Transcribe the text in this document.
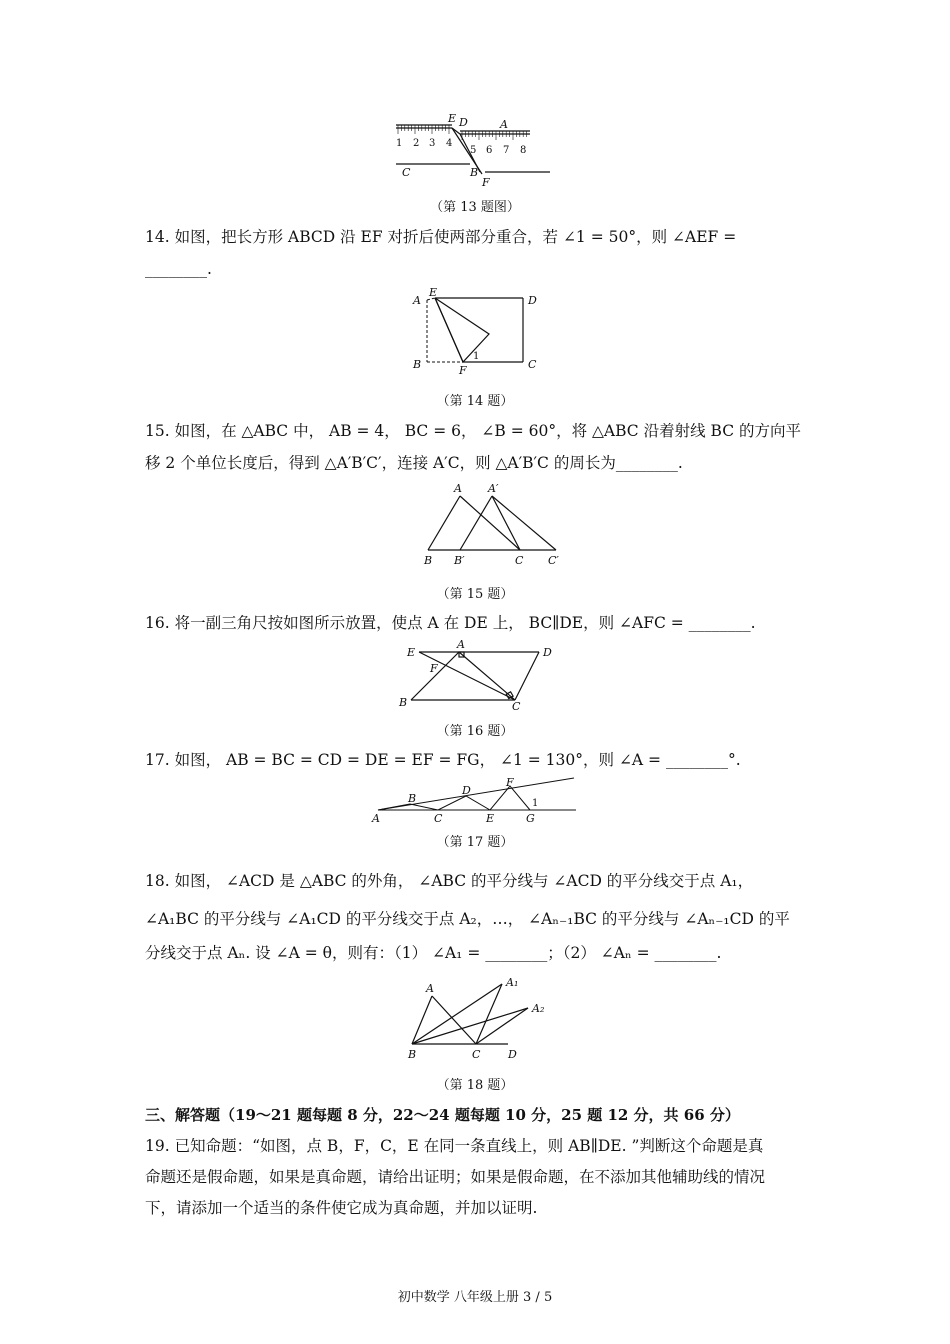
1 2 3 4
5 6 7 8
E D	A
C	B
F
（第 13 题图）
14. 如图，把长方形 ABCD 沿 EF 对折后使两部分重合，若 ∠1 = 50°，则 ∠AEF =
________.
A
E
D
B	F	C
1
（第 14 题）
15. 如图，在 △ABC 中， AB = 4， BC = 6， ∠B = 60°，将 △ABC 沿着射线 BC 的方向平
移 2 个单位长度后，得到 △A′B′C′，连接 A′C，则 △A′B′C 的周长为________.
A A′
B B′	C C′
（第 15 题）
16. 将一副三角尺按如图所示放置，使点 A 在 DE 上， BC∥DE，则 ∠AFC = ________.
E
A
D
F
B	C
（第 16 题）
17. 如图， AB = BC = CD = DE = EF = FG， ∠1 = 130°，则 ∠A = ________°.
A
B
C
D
E
F
G
1
（第 17 题）
18. 如图， ∠ACD 是 △ABC 的外角， ∠ABC 的平分线与 ∠ACD 的平分线交于点 A₁，
∠A₁BC 的平分线与 ∠A₁CD 的平分线交于点 A₂，…， ∠Aₙ₋₁BC 的平分线与 ∠Aₙ₋₁CD 的平
分线交于点 Aₙ. 设 ∠A = θ，则有：（1） ∠A₁ = ________；（2） ∠Aₙ = ________.
A	A₁
A₂
B	C	D
（第 18 题）
三、解答题（19～21 题每题 8 分，22～24 题每题 10 分，25 题 12 分，共 66 分）
19. 已知命题：“如图，点 B，F，C，E 在同一条直线上，则 AB∥DE. ”判断这个命题是真
命题还是假命题，如果是真命题，请给出证明；如果是假命题，在不添加其他辅助线的情况
下，请添加一个适当的条件使它成为真命题，并加以证明.
初中数学 八年级上册 3 / 5
